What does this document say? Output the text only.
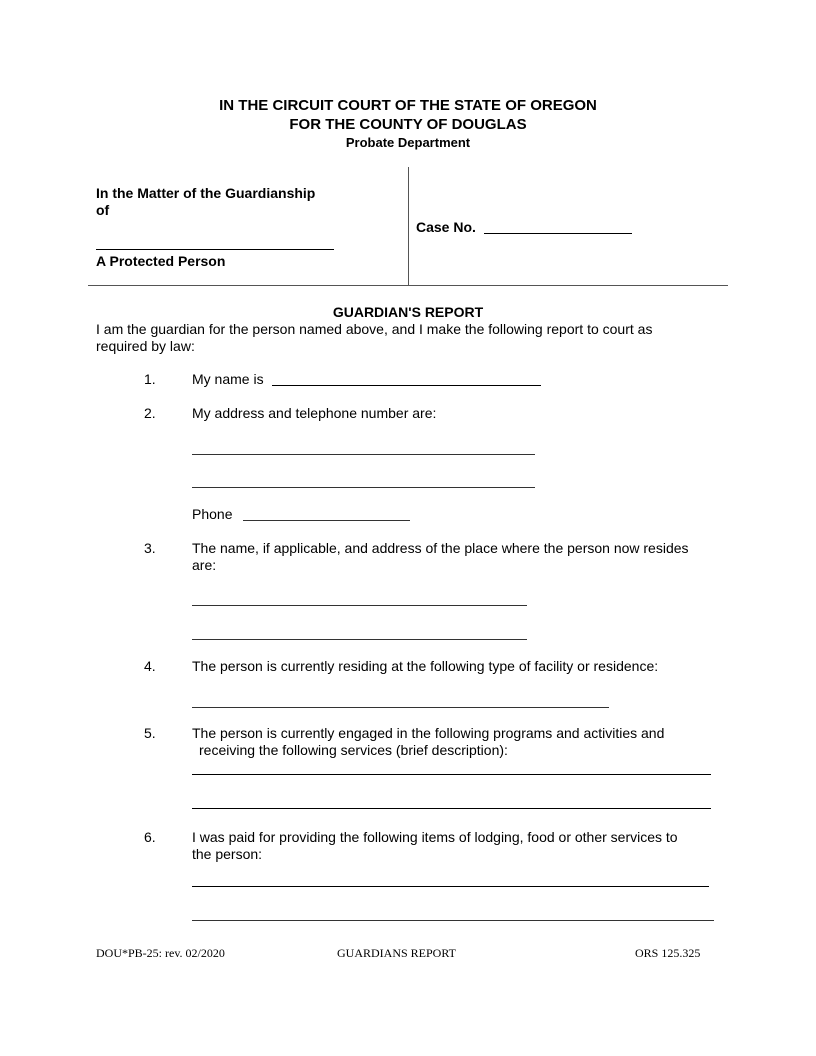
IN THE CIRCUIT COURT OF THE STATE OF OREGON
FOR THE COUNTY OF DOUGLAS
Probate Department
In the Matter of the Guardianship
of
A Protected Person
Case No.
GUARDIAN'S REPORT
I am the guardian for the person named above, and I make the following report to court as
required by law:
1.	My name is
2.	My address and telephone number are:
Phone
3.	The name, if applicable, and address of the place where the person now resides
are:
4.	The person is currently residing at the following type of facility or residence:
5.	The person is currently engaged in the following programs and activities and
receiving the following services (brief description):
6.	I was paid for providing the following items of lodging, food or other services to
the person:
DOU*PB-25: rev. 02/2020	GUARDIANS REPORT	ORS 125.325
